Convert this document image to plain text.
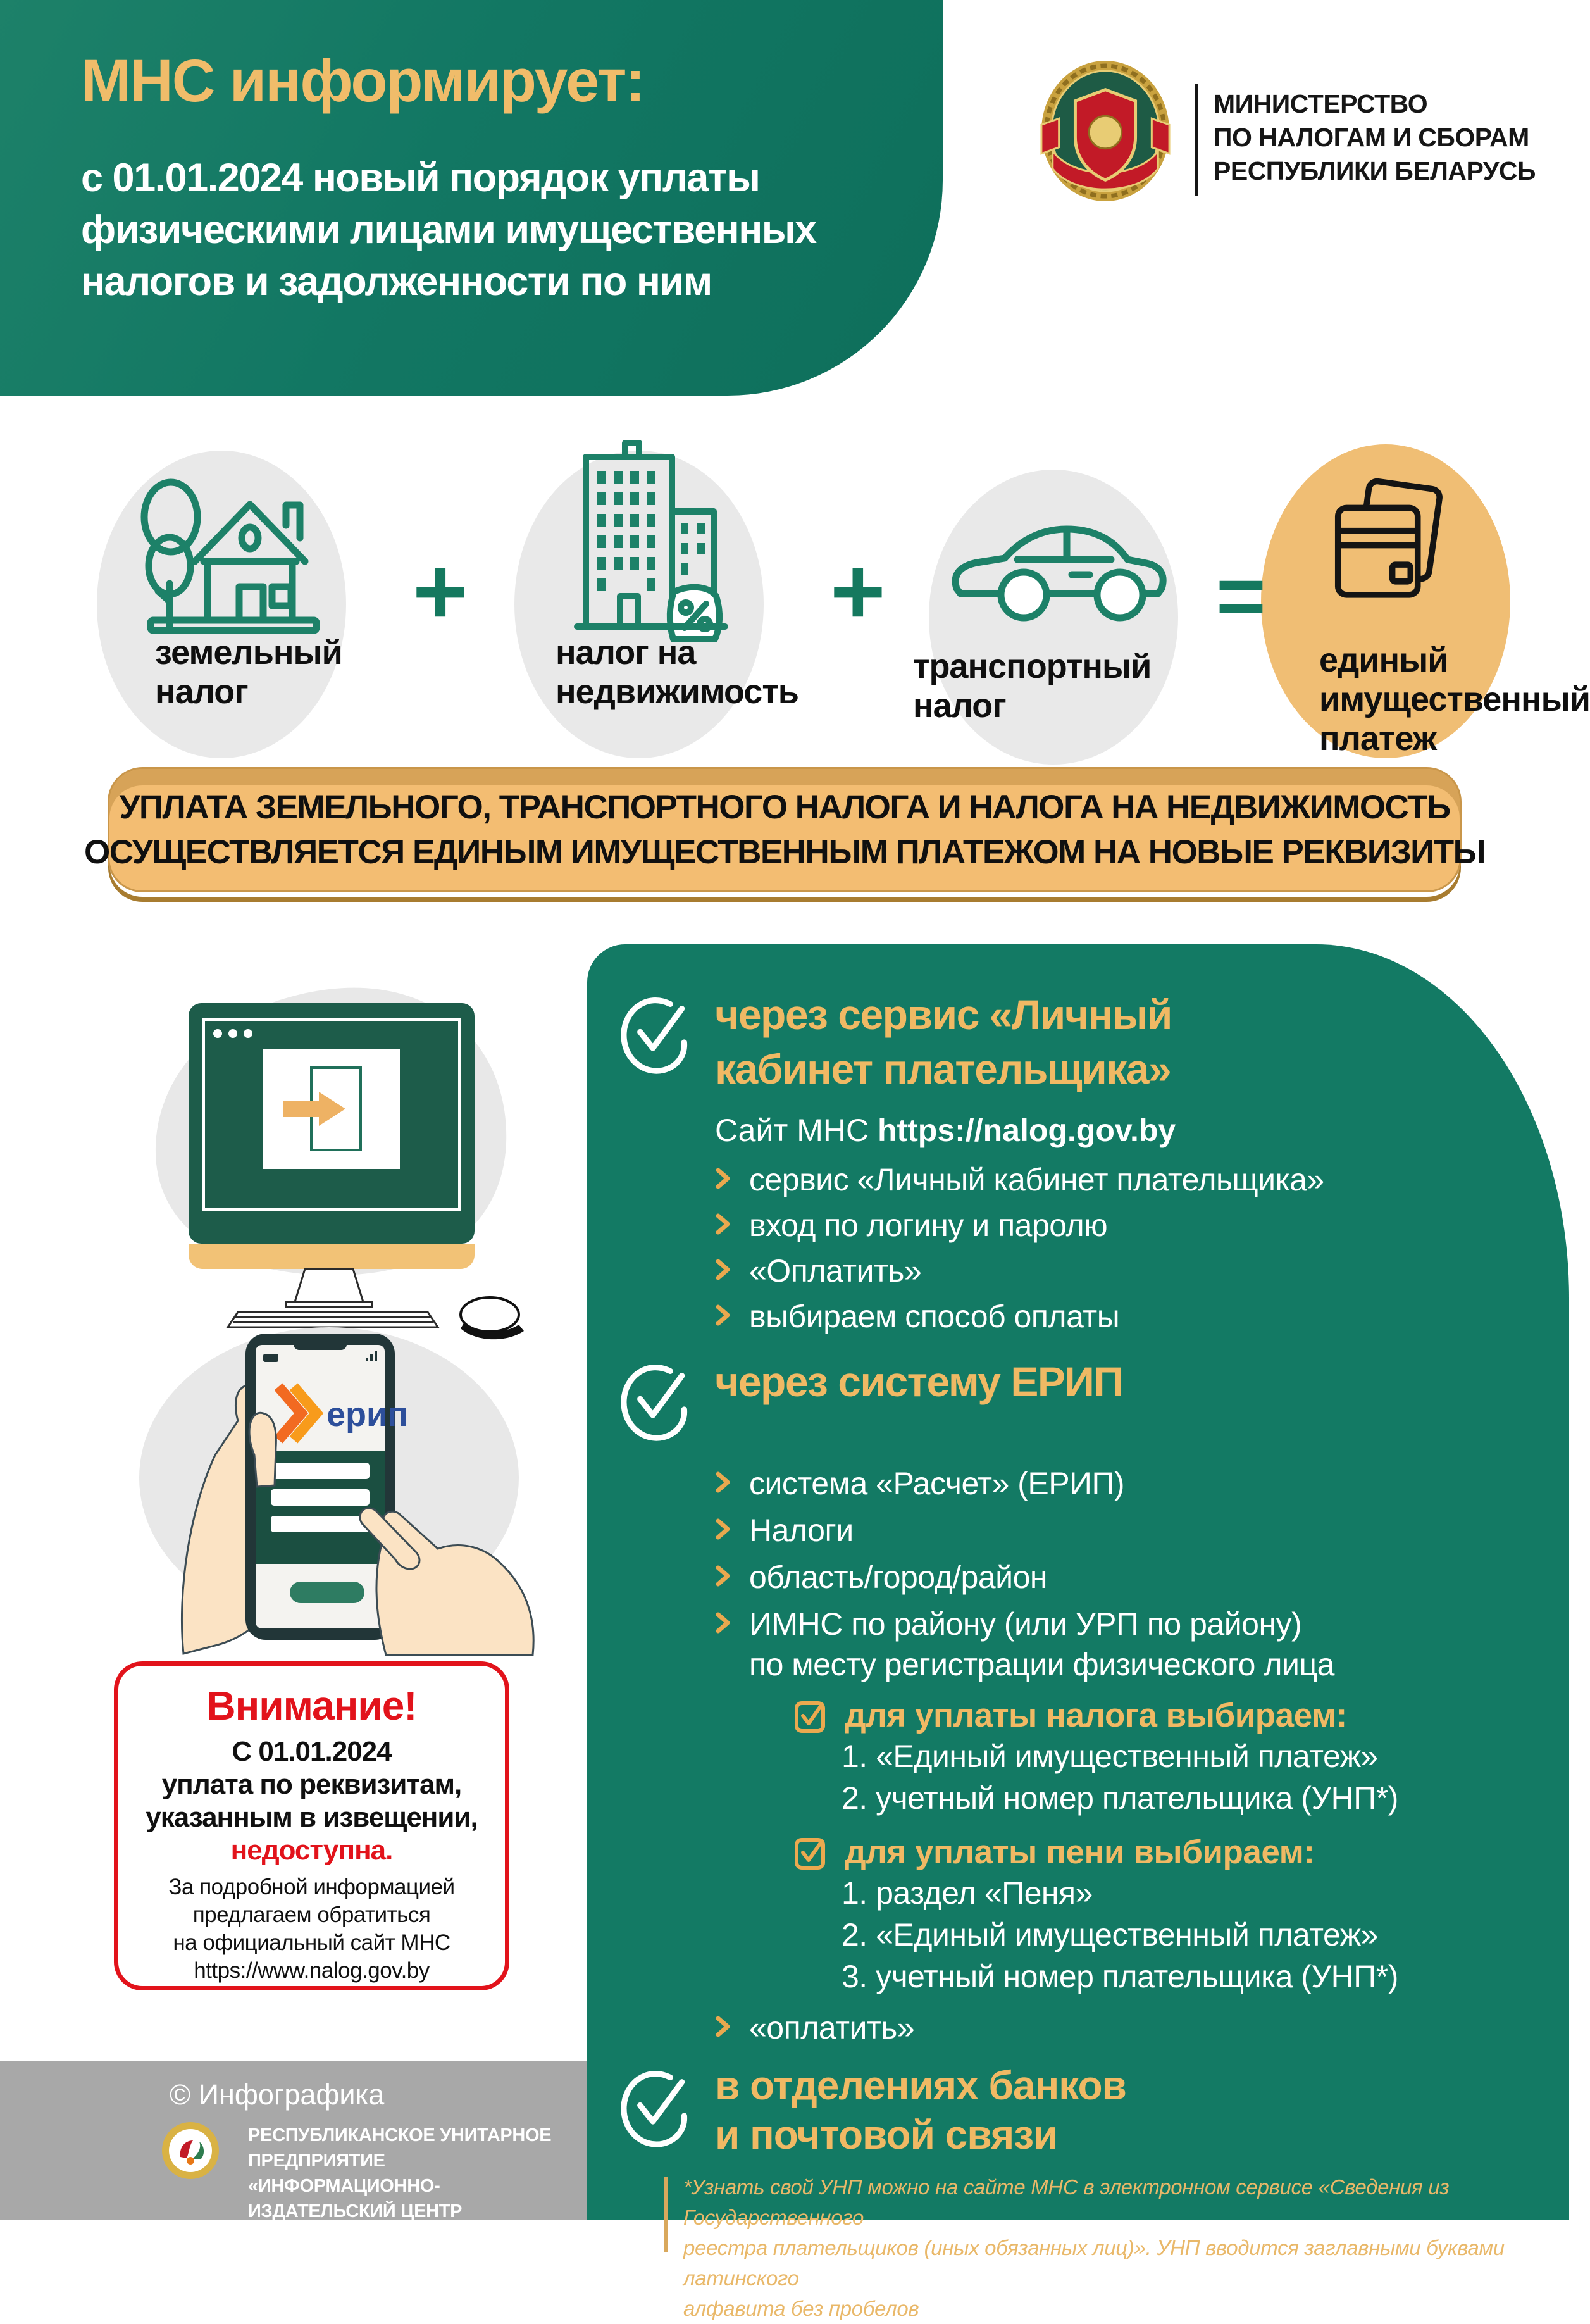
МНС информирует:
с 01.01.2024 новый порядок уплаты
физическими лицами имущественных
налогов и задолженности по ним
МИНИСТЕРСТВО
ПО НАЛОГАМ И СБОРАМ
РЕСПУБЛИКИ БЕЛАРУСЬ
+	+	=
земельный
налог
налог на
недвижимость
транспортный
налог
единый
имущественный
платеж
УПЛАТА ЗЕМЕЛЬНОГО, ТРАНСПОРТНОГО НАЛОГА И НАЛОГА НА НЕДВИЖИМОСТЬ
ОСУЩЕСТВЛЯЕТСЯ ЕДИНЫМ ИМУЩЕСТВЕННЫМ ПЛАТЕЖОМ НА НОВЫЕ РЕКВИЗИТЫ
через сервис «Личный
кабинет плательщика»
Сайт МНС https://nalog.gov.by
сервис «Личный кабинет плательщика»
вход по логину и паролю
«Оплатить»
выбираем способ оплаты
через систему ЕРИП
система «Расчет» (ЕРИП)
Налоги
область/город/район
ИМНС по району (или УРП по району)
по месту регистрации физического лица
для уплаты налога выбираем:
1. «Единый имущественный платеж»
2. учетный номер плательщика (УНП*)
для уплаты пени выбираем:
1. раздел «Пеня»
2. «Единый имущественный платеж»
3. учетный номер плательщика (УНП*)
«оплатить»
в отделениях банков
и почтовой связи
*Узнать свой УНП можно на сайте МНС в электронном сервисе «Сведения из Государственного
реестра плательщиков (иных обязанных лиц)». УНП вводится заглавными буквами латинского
алфавита без пробелов
ерип
Внимание!
С 01.01.2024
уплата по реквизитам,
указанным в извещении,
недоступна.
За подробной информацией
предлагаем обратиться
на официальный сайт МНС
https://www.nalog.gov.by
© Инфографика
РЕСПУБЛИКАНСКОЕ УНИТАРНОЕ ПРЕДПРИЯТИЕ
«ИНФОРМАЦИОННО-ИЗДАТЕЛЬСКИЙ ЦЕНТР
ПО НАЛОГАМ И СБОРАМ»
